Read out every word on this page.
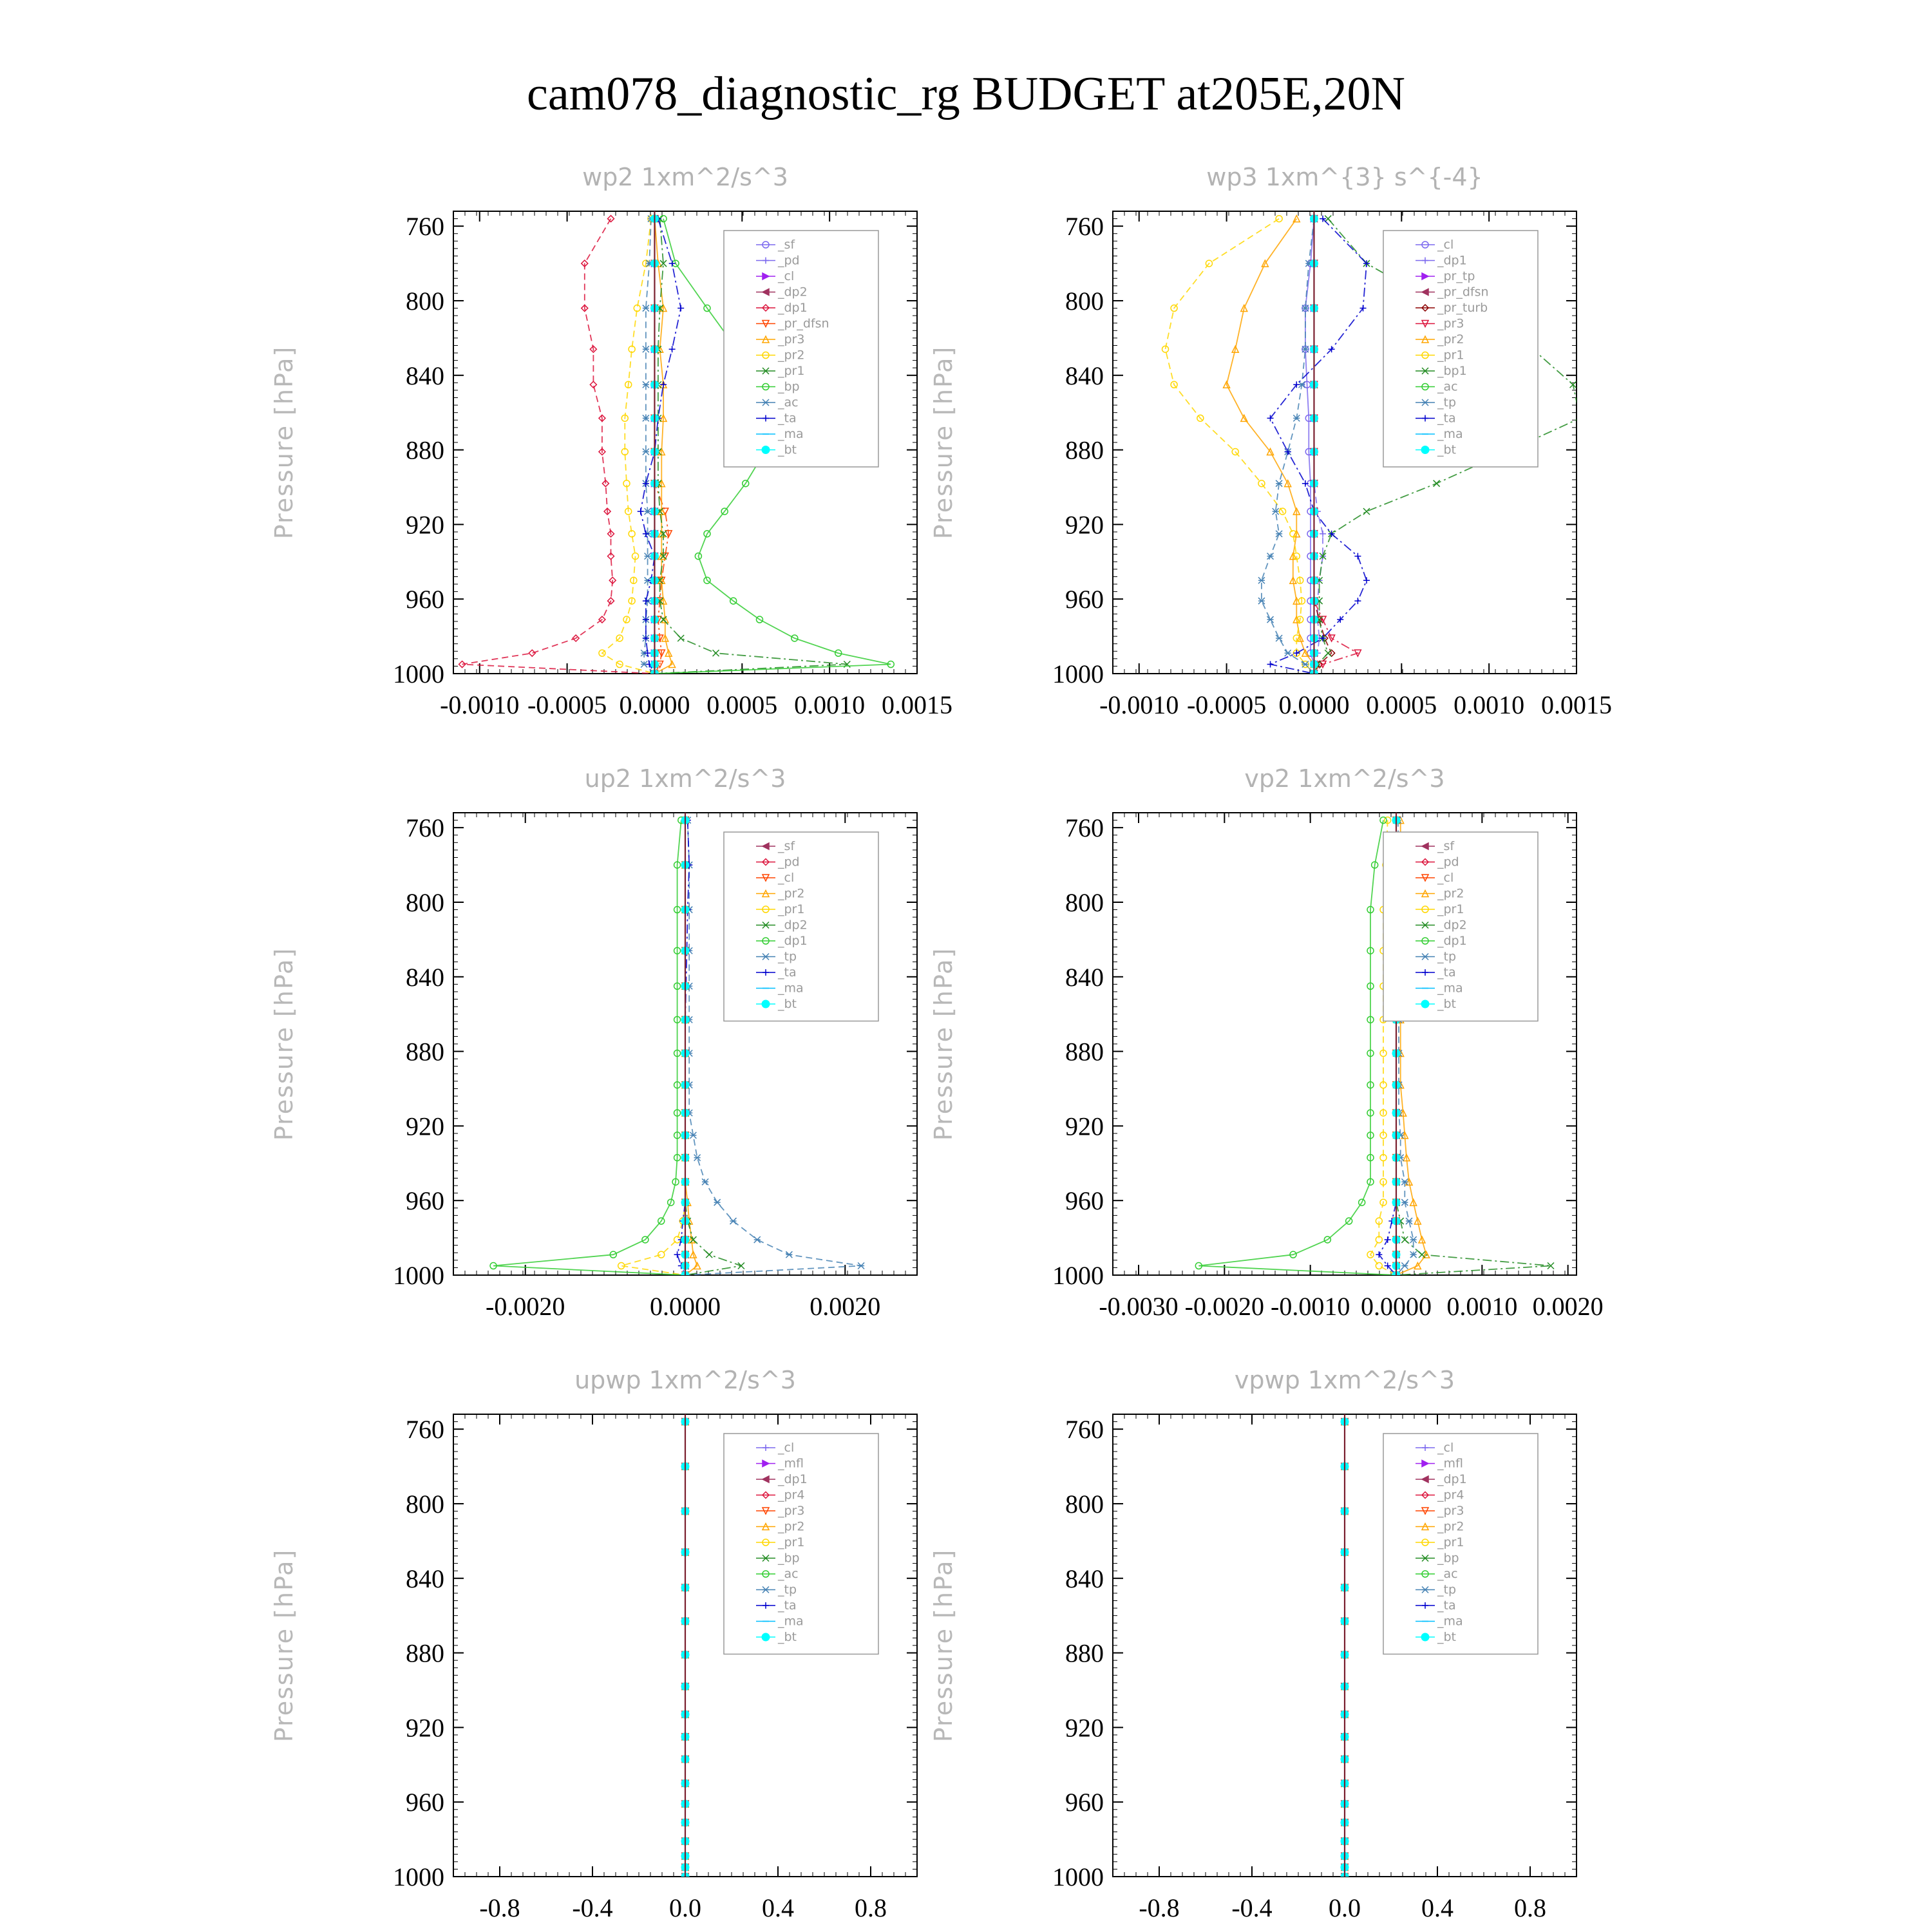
cam078_diagnostic_rg BUDGET at205E,20N
wp2 1xm^2/s^3
Pressure [hPa]
760
800
840
880
920
960
1000
-0.0010 -0.0005 0.0000 0.0005 0.0010 0.0015
_sf
_pd
_cl
_dp2
_dp1
_pr_dfsn
_pr3
_pr2
_pr1
_bp
_ac
_ta
_ma
_bt
wp3 1xm^{3} s^{-4}
Pressure [hPa]
760
800
840
880
920
960
1000
-0.0010 -0.0005 0.0000 0.0005 0.0010 0.0015
_cl
_dp1
_pr_tp
_pr_dfsn
_pr_turb
_pr3
_pr2
_pr1
_bp1
_ac
_tp
_ta
_ma
_bt
up2 1xm^2/s^3
Pressure [hPa]
760
800
840
880
920
960
1000
-0.0020	0.0000	0.0020
_sf
_pd
_cl
_pr2
_pr1
_dp2
_dp1
_tp
_ta
_ma
_bt
vp2 1xm^2/s^3
Pressure [hPa]
760
800
840
880
920
960
1000
-0.0030 -0.0020 -0.0010 0.0000 0.0010 0.0020
_sf
_pd
_cl
_pr2
_pr1
_dp2
_dp1
_tp
_ta
_ma
_bt
upwp 1xm^2/s^3
Pressure [hPa]
760
800
840
880
920
960
1000
-0.8 -0.4 0.0 0.4 0.8
_cl
_mfl
_dp1
_pr4
_pr3
_pr2
_pr1
_bp
_ac
_tp
_ta
_ma
_bt
vpwp 1xm^2/s^3
Pressure [hPa]
760
800
840
880
920
960
1000
-0.8 -0.4 0.0 0.4 0.8
_cl
_mfl
_dp1
_pr4
_pr3
_pr2
_pr1
_bp
_ac
_tp
_ta
_ma
_bt
